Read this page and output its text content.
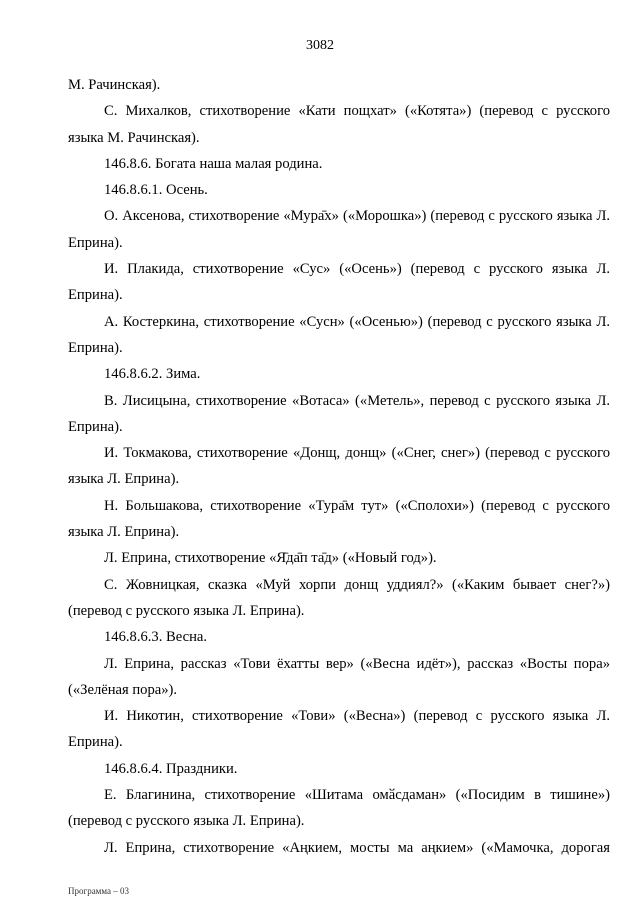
3082

М. Рачинская).

С. Михалков, стихотворение «Кати пощхат» («Котята») (перевод с русского языка М. Рачинская).

146.8.6. Богата наша малая родина.

146.8.6.1. Осень.

О. Аксенова, стихотворение «Мура̄х» («Морошка») (перевод с русского языка Л. Еприна).

И. Плакида, стихотворение «Сус» («Осень») (перевод с русского языка Л. Еприна).

А. Костеркина, стихотворение «Сусн» («Осенью») (перевод с русского языка Л. Еприна).

146.8.6.2. Зима.

В. Лисицына, стихотворение «Вотаса» («Метель», перевод с русского языка Л. Еприна).

И. Токмакова, стихотворение «Донщ, донщ» («Снег, снег») (перевод с русского языка Л. Еприна).

Н. Большакова, стихотворение «Тура̄м тут» («Сполохи») (перевод с русского языка Л. Еприна).

Л. Еприна, стихотворение «Я̄да̄п та̄д» («Новый год»).

С. Жовницкая, сказка «Муй хорпи донщ уддиял?» («Каким бывает снег?») (перевод с русского языка Л. Еприна).

146.8.6.3. Весна.

Л. Еприна, рассказ «Тови ёхатты вер» («Весна идёт»), рассказ «Восты пора» («Зелёная пора»).

И. Никотин, стихотворение «Тови» («Весна») (перевод с русского языка Л. Еприна).

146.8.6.4. Праздники.

Е. Благинина, стихотворение «Шитама омӑсдаман» («Посидим в тишине») (перевод с русского языка Л. Еприна).

Л. Еприна, стихотворение «Аңкием, мосты ма аңкием» («Мамочка, дорогая

Программа – 03
